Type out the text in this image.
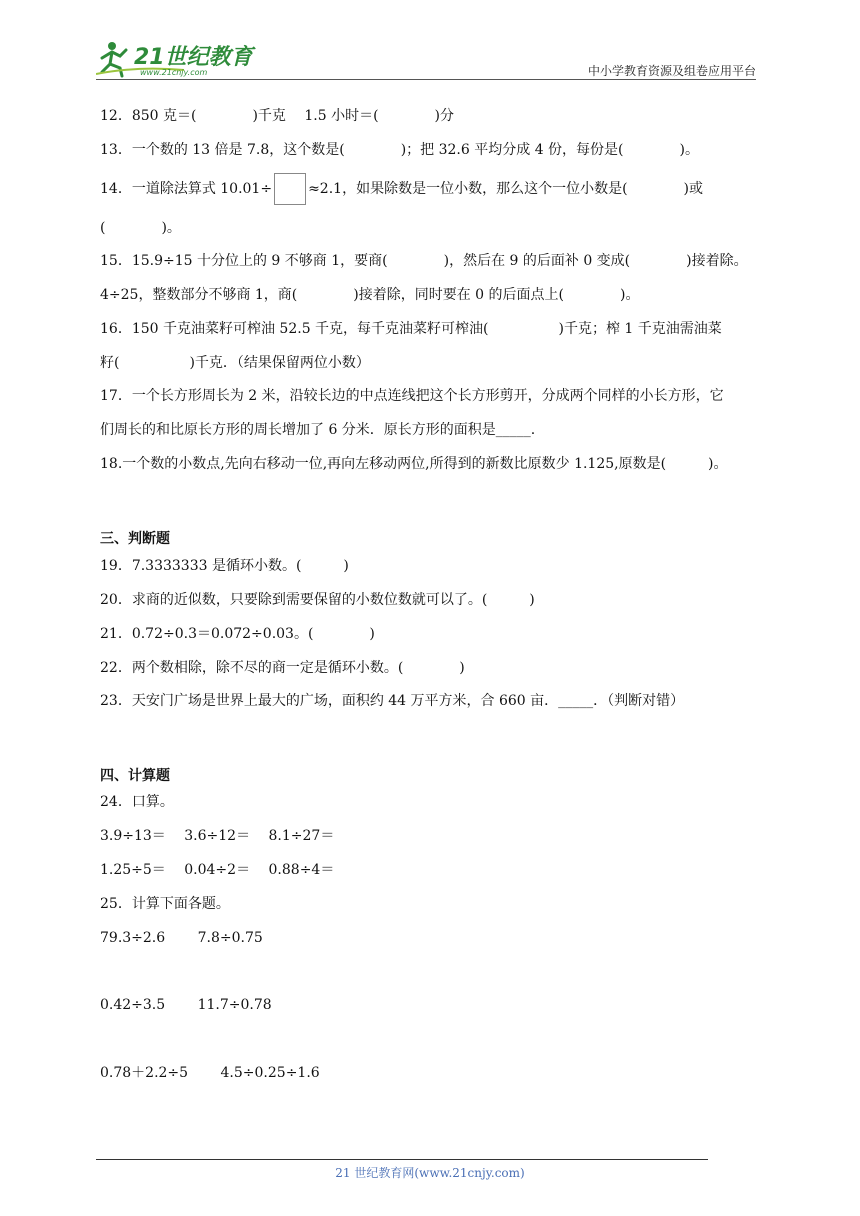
21世纪教育
www.21cnjy.com	中小学教育资源及组卷应用平台
12．850 克＝(　　　　)千克　 1.5 小时＝(　　　　)分
13．一个数的 13 倍是 7.8，这个数是(　　　　)；把 32.6 平均分成 4 份，每份是(　　　　)。
14．一道除法算式 10.01÷	≈2.1，如果除数是一位小数，那么这个一位小数是(　　　　)或
(　　　　)。
15．15.9÷15 十分位上的 9 不够商 1，要商(　　　　)，然后在 9 的后面补 0 变成(　　　　)接着除。
4÷25，整数部分不够商 1，商(　　　　)接着除，同时要在 0 的后面点上(　　　　)。
16．150 千克油菜籽可榨油 52.5 千克，每千克油菜籽可榨油(　　　　　)千克；榨 1 千克油需油菜
籽(　　　　　)千克．（结果保留两位小数）
17．一个长方形周长为 2 米，沿较长边的中点连线把这个长方形剪开，分成两个同样的小长方形，它
们周长的和比原长方形的周长增加了 6 分米．原长方形的面积是_____.
18.一个数的小数点,先向右移动一位,再向左移动两位,所得到的新数比原数少 1.125,原数是(　　　)。
三、判断题
19．7.3333333 是循环小数。(　　　)
20．求商的近似数，只要除到需要保留的小数位数就可以了。(　　　)
21．0.72÷0.3＝0.072÷0.03。(　　　　)
22．两个数相除，除不尽的商一定是循环小数。(　　　　)
23．天安门广场是世界上最大的广场，面积约 44 万平方米，合 660 亩．_____．（判断对错）
四、计算题
24．口算。
3.9÷13＝　 3.6÷12＝　 8.1÷27＝
1.25÷5＝　 0.04÷2＝　 0.88÷4＝
25．计算下面各题。
79.3÷2.6　　 7.8÷0.75
0.42÷3.5　　 11.7÷0.78
0.78＋2.2÷5　　 4.5÷0.25÷1.6
21 世纪教育网(www.21cnjy.com)
